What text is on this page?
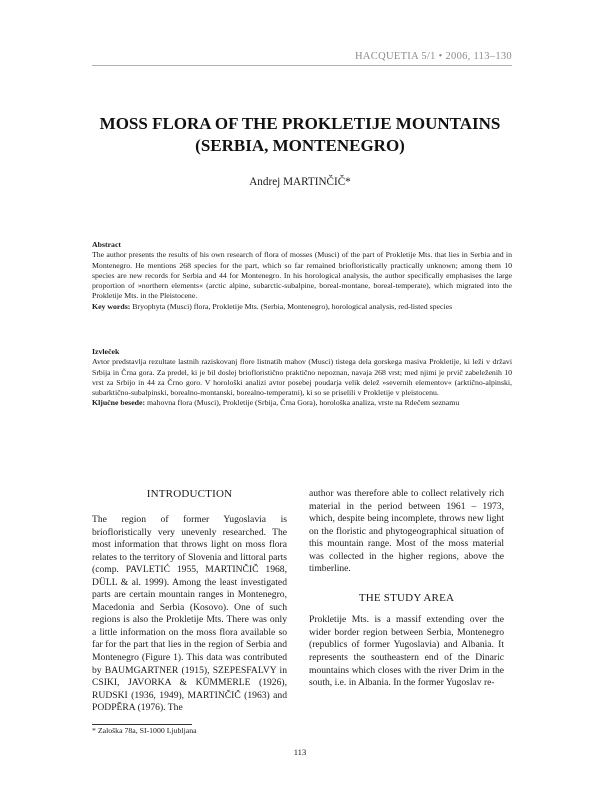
HACQUETIA 5/1 • 2006, 113–130
MOSS FLORA OF THE PROKLETIJE MOUNTAINS
(SERBIA, MONTENEGRO)
Andrej MARTINČIČ*
Abstract
The author presents the results of his own research of flora of mosses (Musci) of the part of Prokletije Mts. that lies in Serbia and in Montenegro. He mentions 268 species for the part, which so far remained briofloristically practically unknown; among them 10 species are new records for Serbia and 44 for Montenegro. In his horological analysis, the author specifically emphasises the large proportion of »northern elements« (arctic alpine, subarctic-subalpine, boreal-montane, boreal-temperate), which migrated into the Prokletije Mts. in the Pleistocene.
Key words: Bryophyta (Musci) flora, Prokletije Mts. (Serbia, Montenegro), horological analysis, red-listed species
Izvleček
Avtor predstavlja rezultate lastnih raziskovanj flore listnatih mahov (Musci) tistega dela gorskega masiva Prokletije, ki leži v državi Srbija in Črna gora. Za predel, ki je bil doslej briofloristično praktično nepoznan, navaja 268 vrst; med njimi je prvič zabeleženih 10 vrst za Srbijo in 44 za Črno goro. V horološki analizi avtor posebej poudarja velik delež »severnih elementov« (arktično-alpinski, subarktično-subalpinski, borealno-montanski, borealno-temperatni), ki so se priselili v Prokletije v pleistocenu.
Ključne besede: mahovna flora (Musci), Prokletije (Srbija, Črna Gora), horološka analiza, vrste na Rdečem seznamu
INTRODUCTION

The region of former Yugoslavia is briofloristically very unevenly researched. The most information that throws light on moss flora relates to the territory of Slovenia and littoral parts (comp. PAVLETIĆ 1955, MARTINČIČ 1968, DÜLL & al. 1999). Among the least investigated parts are certain mountain ranges in Montenegro, Macedonia and Serbia (Kosovo). One of such regions is also the Prokletije Mts. There was only a little information on the moss flora available so far for the part that lies in the region of Serbia and Montenegro (Figure 1). This data was contributed by BAUMGARTNER (1915), SZEPESFALVY in CSIKI, JAVORKA & KÜMMERLE (1926), RUDSKI (1936, 1949), MARTINČIČ (1963) and PODPĚRA (1976). The

author was therefore able to collect relatively rich material in the period between 1961 – 1973, which, despite being incomplete, throws new light on the floristic and phytogeographical situation of this mountain range. Most of the moss material was collected in the higher regions, above the timberline.

THE STUDY AREA

Prokletije Mts. is a massif extending over the wider border region between Serbia, Montenegro (republics of former Yugoslavia) and Albania. It represents the southeastern end of the Dinaric mountains which closes with the river Drim in the south, i.e. in Albania. In the former Yugoslav re-

* Zaloška 78a, SI-1000 Ljubljana
113
